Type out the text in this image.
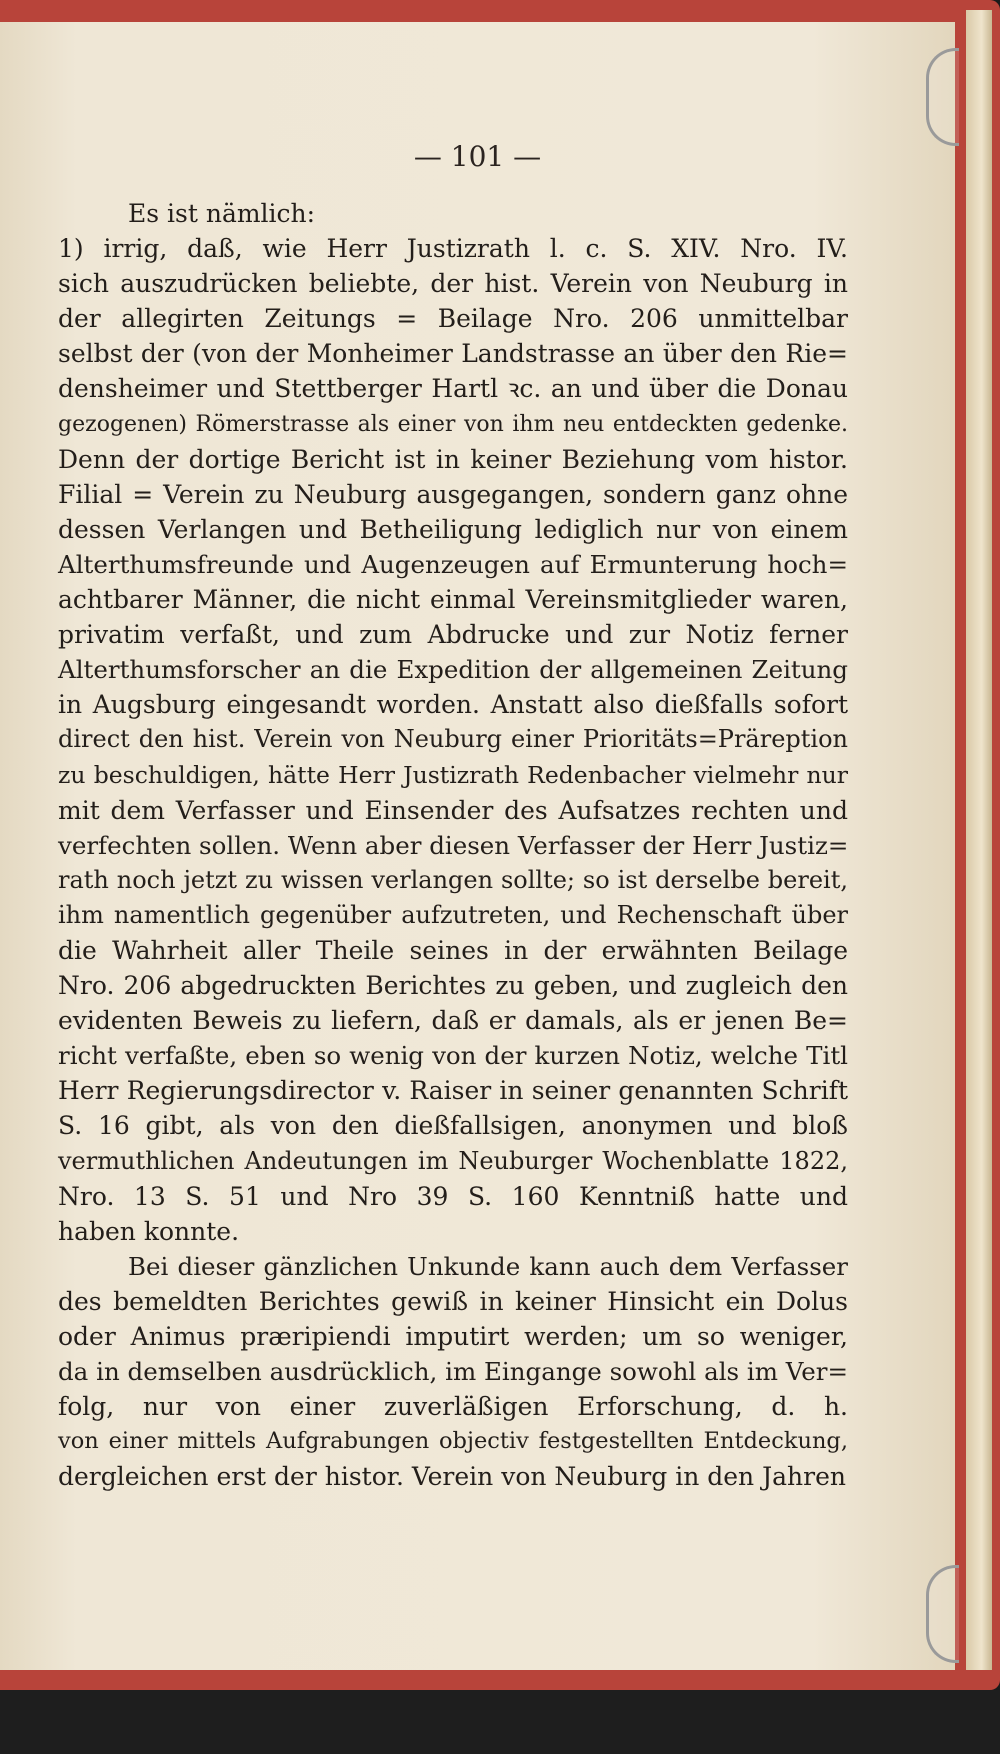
— 101 —
Es ist nämlich:
1) irrig, daß, wie Herr Justizrath l. c. S. XIV. Nro. IV.
sich auszudrücken beliebte, der hist. Verein von Neuburg in
der allegirten Zeitungs = Beilage Nro. 206 unmittelbar
selbst der (von der Monheimer Landstrasse an über den Rie=
densheimer und Stettberger Hartl ꝛc. an und über die Donau
gezogenen) Römerstrasse als einer von ihm neu entdeckten gedenke.
Denn der dortige Bericht ist in keiner Beziehung vom histor.
Filial = Verein zu Neuburg ausgegangen, sondern ganz ohne
dessen Verlangen und Betheiligung lediglich nur von einem
Alterthumsfreunde und Augenzeugen auf Ermunterung hoch=
achtbarer Männer, die nicht einmal Vereinsmitglieder waren,
privatim verfaßt, und zum Abdrucke und zur Notiz ferner
Alterthumsforscher an die Expedition der allgemeinen Zeitung
in Augsburg eingesandt worden. Anstatt also dießfalls sofort
direct den hist. Verein von Neuburg einer Prioritäts=Präreption
zu beschuldigen, hätte Herr Justizrath Redenbacher vielmehr nur
mit dem Verfasser und Einsender des Aufsatzes rechten und
verfechten sollen. Wenn aber diesen Verfasser der Herr Justiz=
rath noch jetzt zu wissen verlangen sollte; so ist derselbe bereit,
ihm namentlich gegenüber aufzutreten, und Rechenschaft über
die Wahrheit aller Theile seines in der erwähnten Beilage
Nro. 206 abgedruckten Berichtes zu geben, und zugleich den
evidenten Beweis zu liefern, daß er damals, als er jenen Be=
richt verfaßte, eben so wenig von der kurzen Notiz, welche Titl
Herr Regierungsdirector v. Raiser in seiner genannten Schrift
S. 16 gibt, als von den dießfallsigen, anonymen und bloß
vermuthlichen Andeutungen im Neuburger Wochenblatte 1822,
Nro. 13 S. 51 und Nro 39 S. 160 Kenntniß hatte und
haben konnte.
Bei dieser gänzlichen Unkunde kann auch dem Verfasser
des bemeldten Berichtes gewiß in keiner Hinsicht ein Dolus
oder Animus præripiendi imputirt werden; um so weniger,
da in demselben ausdrücklich, im Eingange sowohl als im Ver=
folg, nur von einer zuverläßigen Erforschung, d. h.
von einer mittels Aufgrabungen objectiv festgestellten Entdeckung,
dergleichen erst der histor. Verein von Neuburg in den Jahren
